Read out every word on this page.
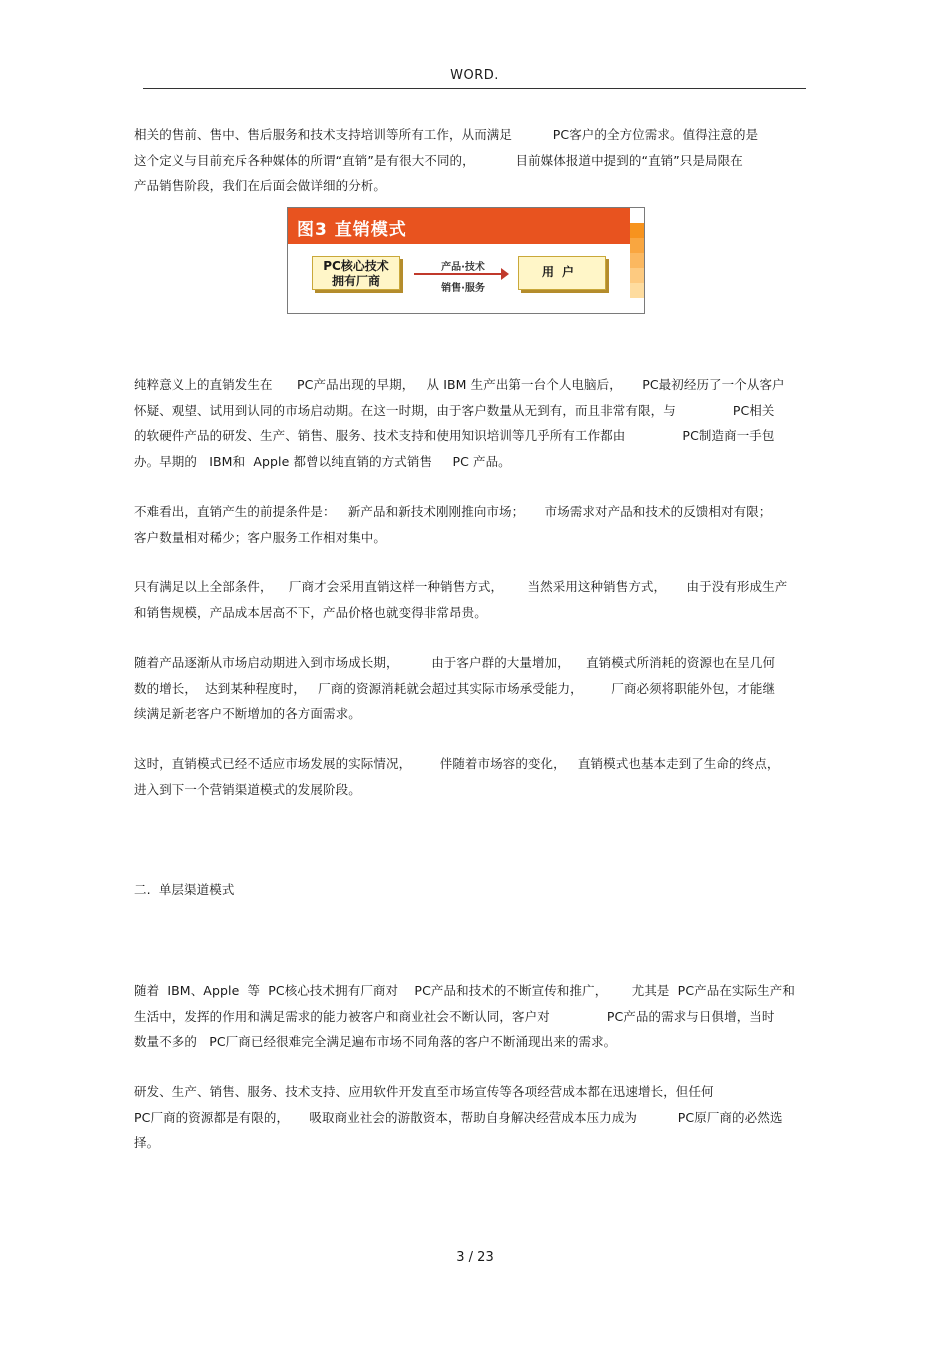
WORD.

相关的售前、售中、售后服务和技术支持培训等所有工作，从而满足          PC客户的全方位需求。值得注意的是
这个定义与目前充斥各种媒体的所谓“直销”是有很大不同的，          目前媒体报道中提到的“直销”只是局限在
产品销售阶段，我们在后面会做详细的分析。

图3 直销模式
PC核心技术
拥有厂商
产品·技术
销售·服务
用户

纯粹意义上的直销发生在      PC产品出现的早期，   从 IBM 生产出第一台个人电脑后，     PC最初经历了一个从客户
怀疑、观望、试用到认同的市场启动期。在这一时期，由于客户数量从无到有，而且非常有限，与              PC相关
的软硬件产品的研发、生产、销售、服务、技术支持和使用知识培训等几乎所有工作都由              PC制造商一手包
办。早期的   IBM和  Apple 都曾以纯直销的方式销售     PC 产品。

不难看出，直销产生的前提条件是：   新产品和新技术刚刚推向市场；     市场需求对产品和技术的反馈相对有限；
客户数量相对稀少；客户服务工作相对集中。

只有满足以上全部条件，    厂商才会采用直销这样一种销售方式，      当然采用这种销售方式，     由于没有形成生产
和销售规模，产品成本居高不下，产品价格也就变得非常昂贵。

随着产品逐渐从市场启动期进入到市场成长期，        由于客户群的大量增加，    直销模式所消耗的资源也在呈几何
数的增长，  达到某种程度时，   厂商的资源消耗就会超过其实际市场承受能力，       厂商必须将职能外包，才能继
续满足新老客户不断增加的各方面需求。

这时，直销模式已经不适应市场发展的实际情况，       伴随着市场容的变化，   直销模式也基本走到了生命的终点，
进入到下一个营销渠道模式的发展阶段。

二.  单层渠道模式

随着  IBM、Apple  等  PC核心技术拥有厂商对    PC产品和技术的不断宣传和推广，      尤其是  PC产品在实际生产和
生活中，发挥的作用和满足需求的能力被客户和商业社会不断认同，客户对              PC产品的需求与日俱增，当时
数量不多的   PC厂商已经很难完全满足遍布市场不同角落的客户不断涌现出来的需求。

研发、生产、销售、服务、技术支持、应用软件开发直至市场宣传等各项经营成本都在迅速增长，但任何
PC厂商的资源都是有限的，     吸取商业社会的游散资本，帮助自身解决经营成本压力成为          PC原厂商的必然选
择。

3 / 23
